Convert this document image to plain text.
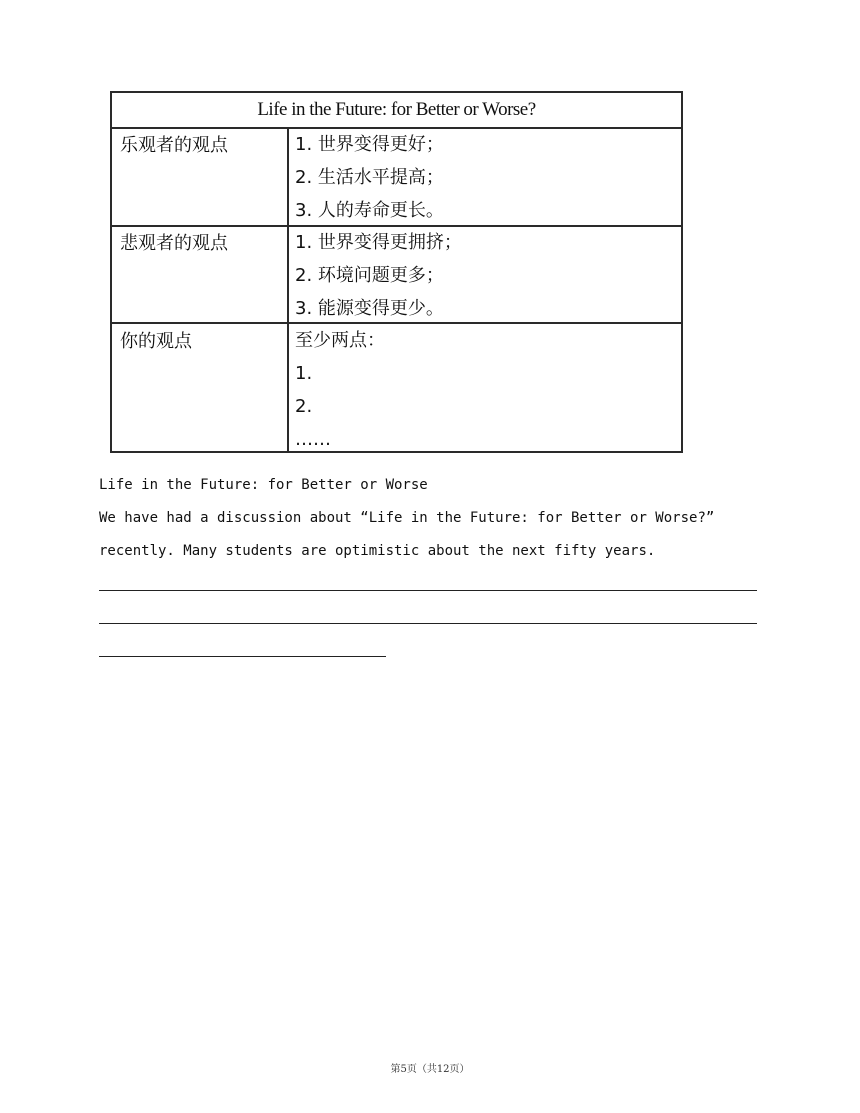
Life in the Future: for Better or Worse?
乐观者的观点	1. 世界变得更好；
2. 生活水平提高；
3. 人的寿命更长。
悲观者的观点	1. 世界变得更拥挤；
2. 环境问题更多；
3. 能源变得更少。
你的观点	至少两点：
1.
2.
……
Life in the Future: for Better or Worse
We have had a discussion about “Life in the Future: for Better or Worse?”
recently. Many students are optimistic about the next fifty years.
第5页（共12页）
